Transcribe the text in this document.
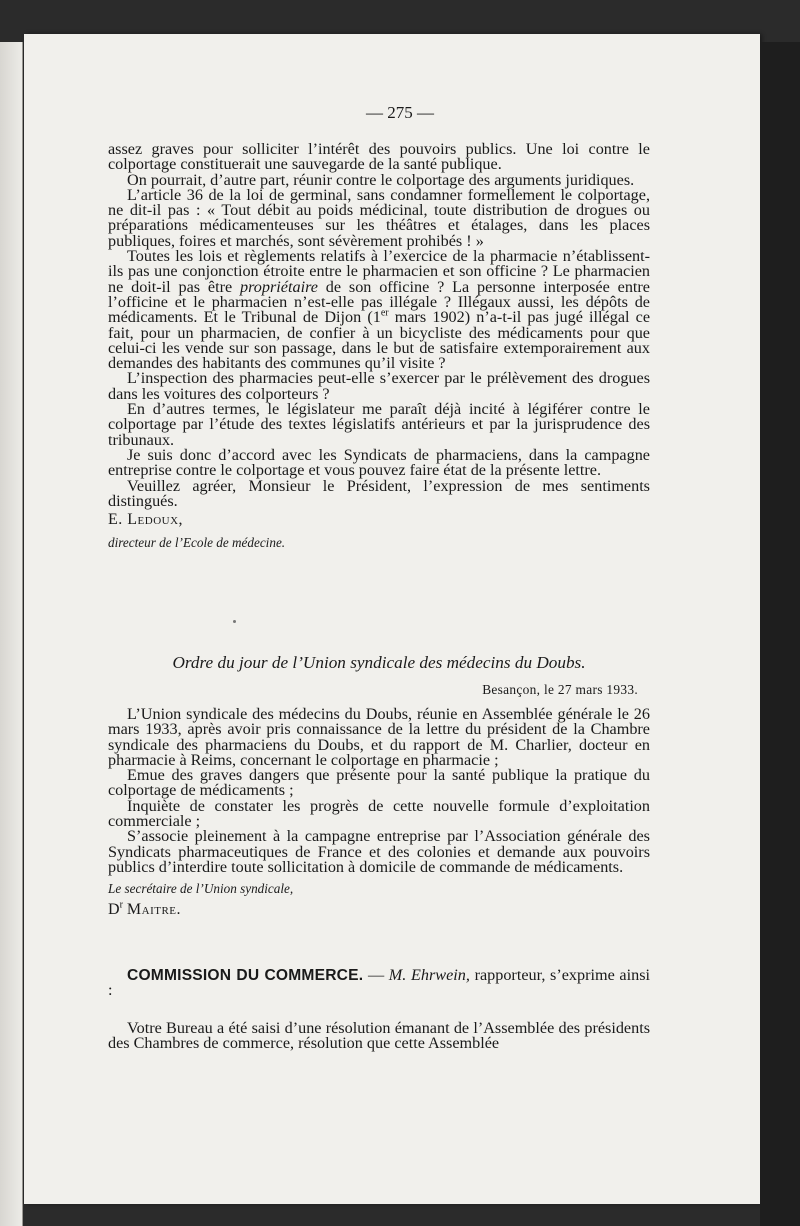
— 275 —

assez graves pour solliciter l’intérêt des pouvoirs publics. Une loi contre le colportage constituerait une sauvegarde de la santé publique.

On pourrait, d’autre part, réunir contre le colportage des arguments juridiques.

L’article 36 de la loi de germinal, sans condamner formellement le colportage, ne dit-il pas : « Tout débit au poids médicinal, toute distribution de drogues ou préparations médicamenteuses sur les théâtres et étalages, dans les places publiques, foires et marchés, sont sévèrement prohibés ! »

Toutes les lois et règlements relatifs à l’exercice de la pharmacie n’établissent-ils pas une conjonction étroite entre le pharmacien et son officine ? Le pharmacien ne doit-il pas être propriétaire de son officine ? La personne interposée entre l’officine et le pharmacien n’est-elle pas illégale ? Illégaux aussi, les dépôts de médicaments. Et le Tribunal de Dijon (1er mars 1902) n’a-t-il pas jugé illégal ce fait, pour un pharmacien, de confier à un bicycliste des médicaments pour que celui-ci les vende sur son passage, dans le but de satisfaire extemporairement aux demandes des habitants des communes qu’il visite ?

L’inspection des pharmacies peut-elle s’exercer par le prélèvement des drogues dans les voitures des colporteurs ?

En d’autres termes, le législateur me paraît déjà incité à légiférer contre le colportage par l’étude des textes législatifs antérieurs et par la jurisprudence des tribunaux.

Je suis donc d’accord avec les Syndicats de pharmaciens, dans la campagne entreprise contre le colportage et vous pouvez faire état de la présente lettre.

Veuillez agréer, Monsieur le Président, l’expression de mes sentiments distingués.

E. Ledoux,

directeur de l’Ecole de médecine.

Ordre du jour de l’Union syndicale des médecins du Doubs.
Besançon, le 27 mars 1933.

L’Union syndicale des médecins du Doubs, réunie en Assemblée générale le 26 mars 1933, après avoir pris connaissance de la lettre du président de la Chambre syndicale des pharmaciens du Doubs, et du rapport de M. Charlier, docteur en pharmacie à Reims, concernant le colportage en pharmacie ;

Emue des graves dangers que présente pour la santé publique la pratique du colportage de médicaments ;

Inquiète de constater les progrès de cette nouvelle formule d’exploitation commerciale ;

S’associe pleinement à la campagne entreprise par l’Association générale des Syndicats pharmaceutiques de France et des colonies et demande aux pouvoirs publics d’interdire toute sollicitation à domicile de commande de médicaments.

Le secrétaire de l’Union syndicale,

$D^r$ Maitre.

COMMISSION DU COMMERCE. — M. Ehrwein, rapporteur, s’exprime ainsi :

Votre Bureau a été saisi d’une résolution émanant de l’Assemblée des présidents des Chambres de commerce, résolution que cette Assemblée
